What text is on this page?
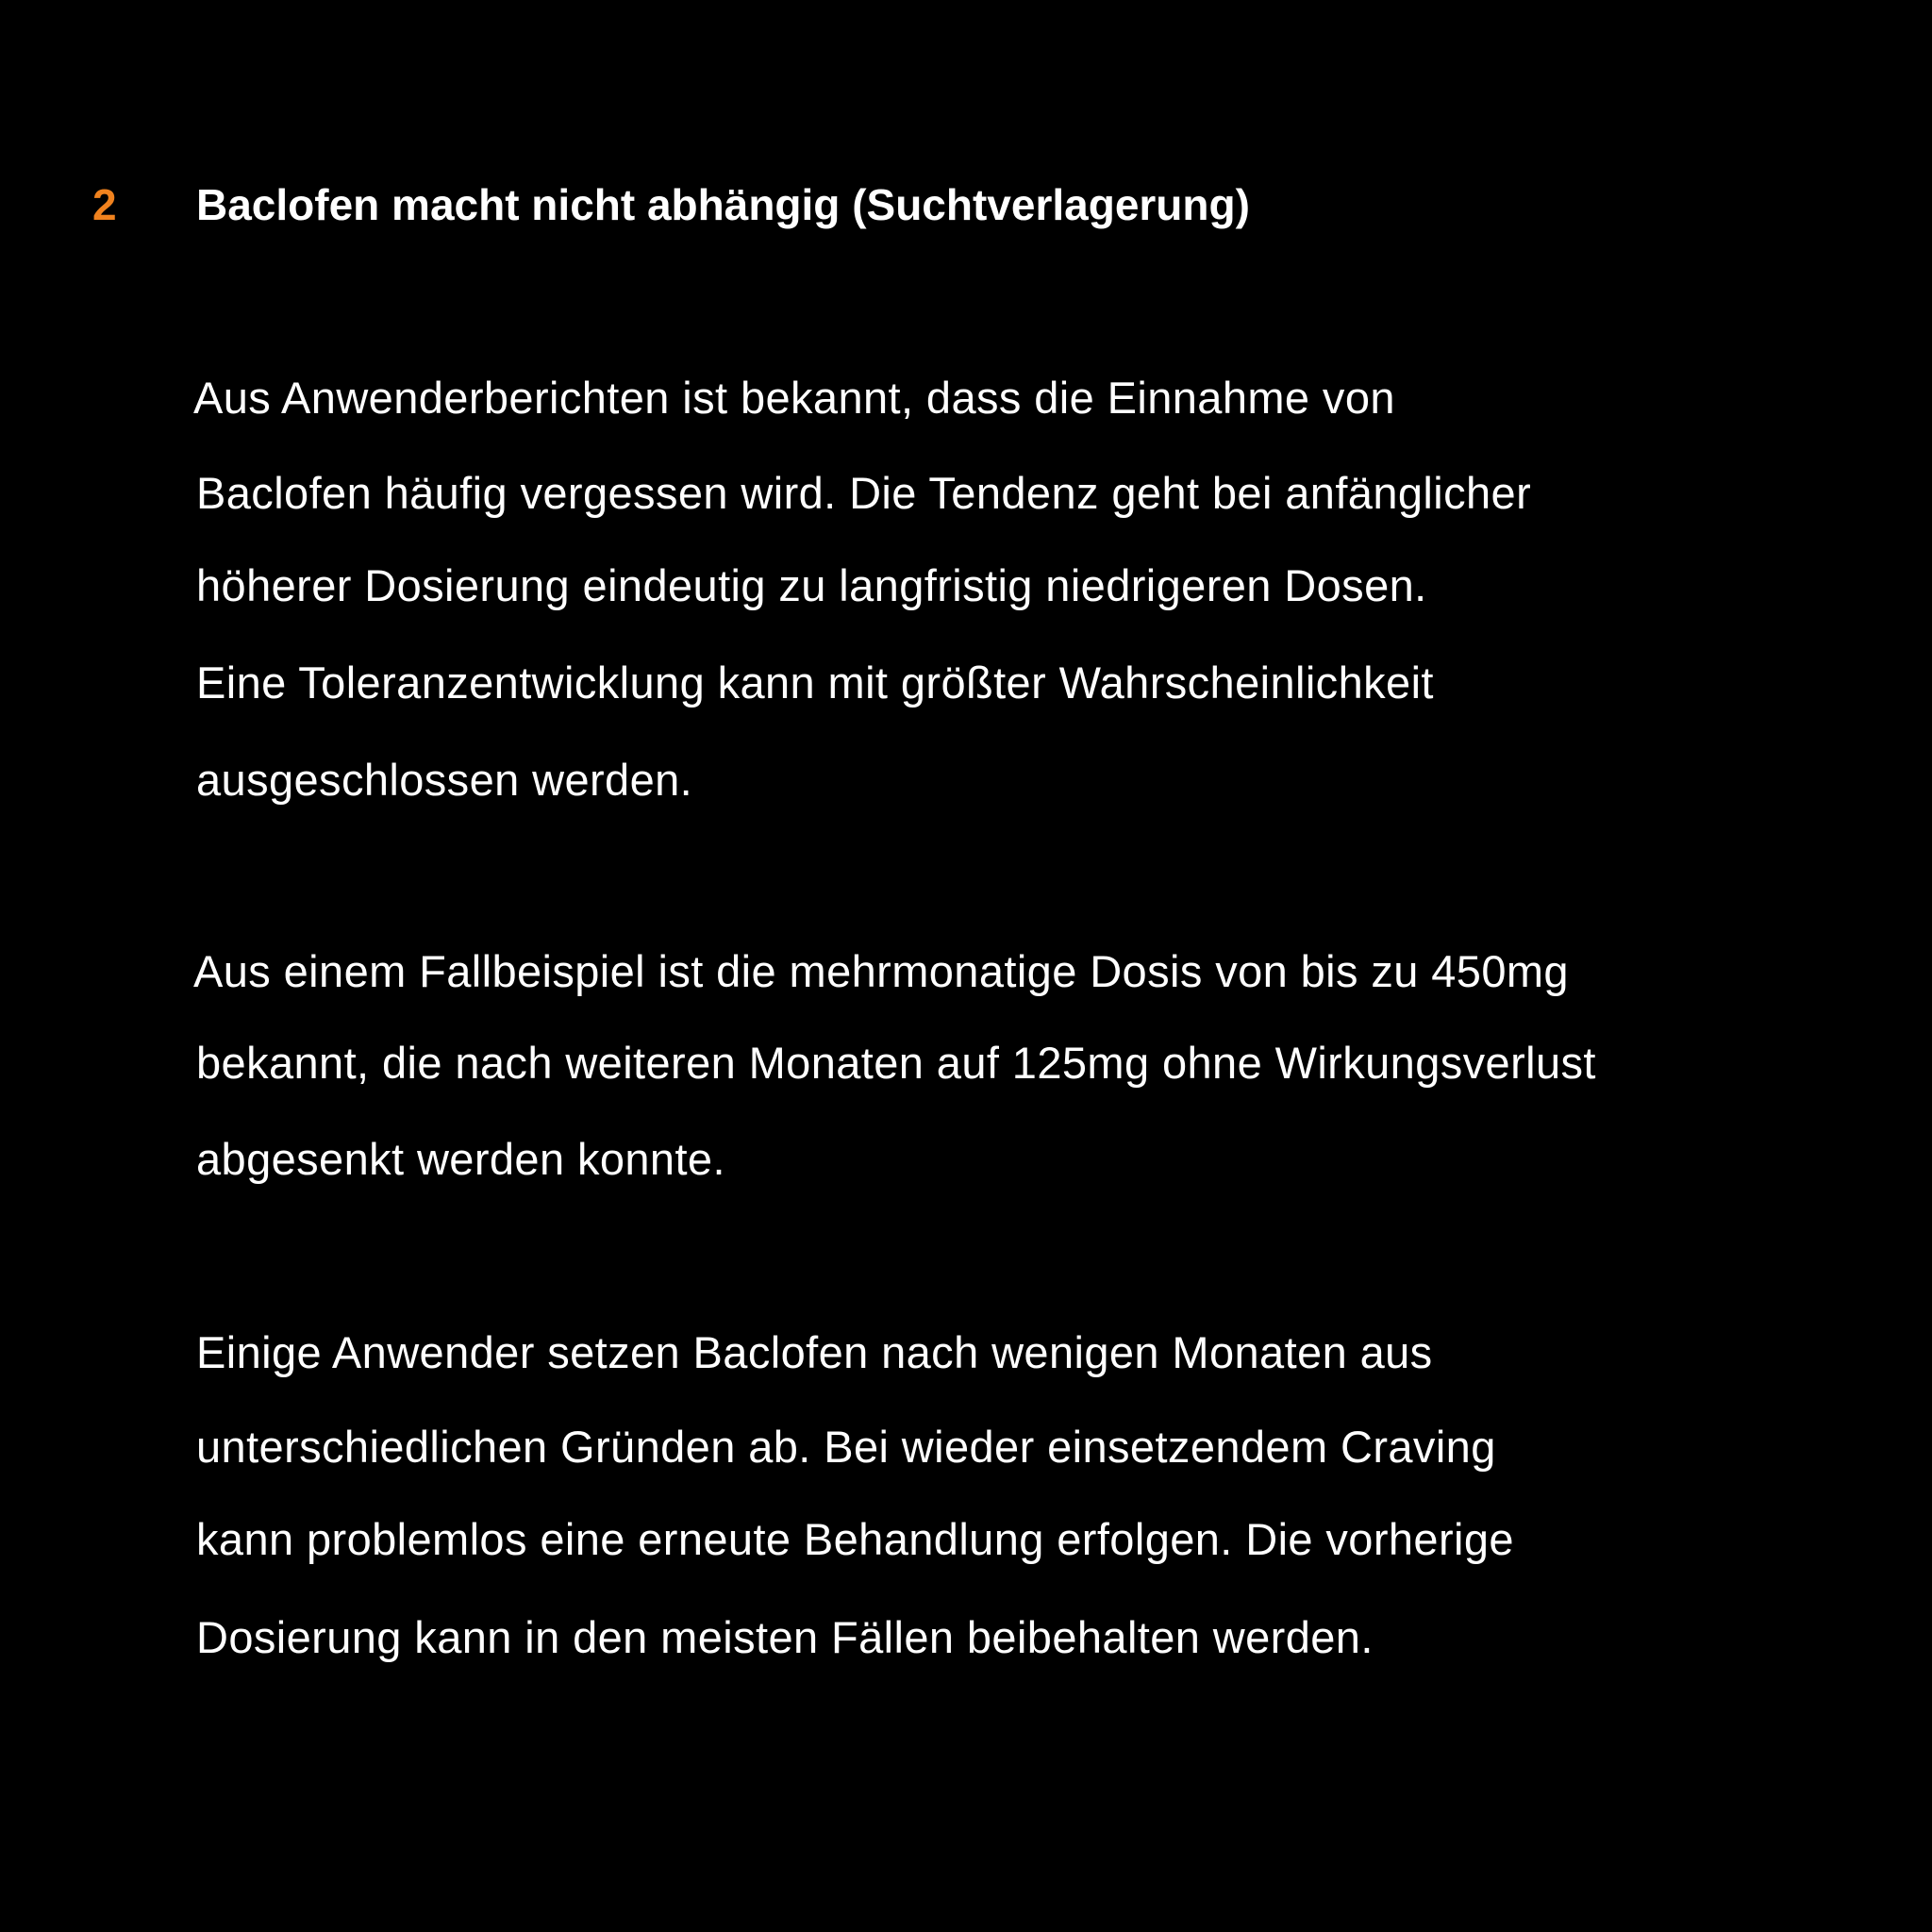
2 Baclofen macht nicht abhängig (Suchtverlagerung)
Aus Anwenderberichten ist bekannt, dass die Einnahme von
Baclofen häufig vergessen wird. Die Tendenz geht bei anfänglicher
höherer Dosierung eindeutig zu langfristig niedrigeren Dosen.
Eine Toleranzentwicklung kann mit größter Wahrscheinlichkeit
ausgeschlossen werden.
Aus einem Fallbeispiel ist die mehrmonatige Dosis von bis zu 450mg
bekannt, die nach weiteren Monaten auf 125mg ohne Wirkungsverlust
abgesenkt werden konnte.
Einige Anwender setzen Baclofen nach wenigen Monaten aus
unterschiedlichen Gründen ab. Bei wieder einsetzendem Craving
kann problemlos eine erneute Behandlung erfolgen. Die vorherige
Dosierung kann in den meisten Fällen beibehalten werden.
